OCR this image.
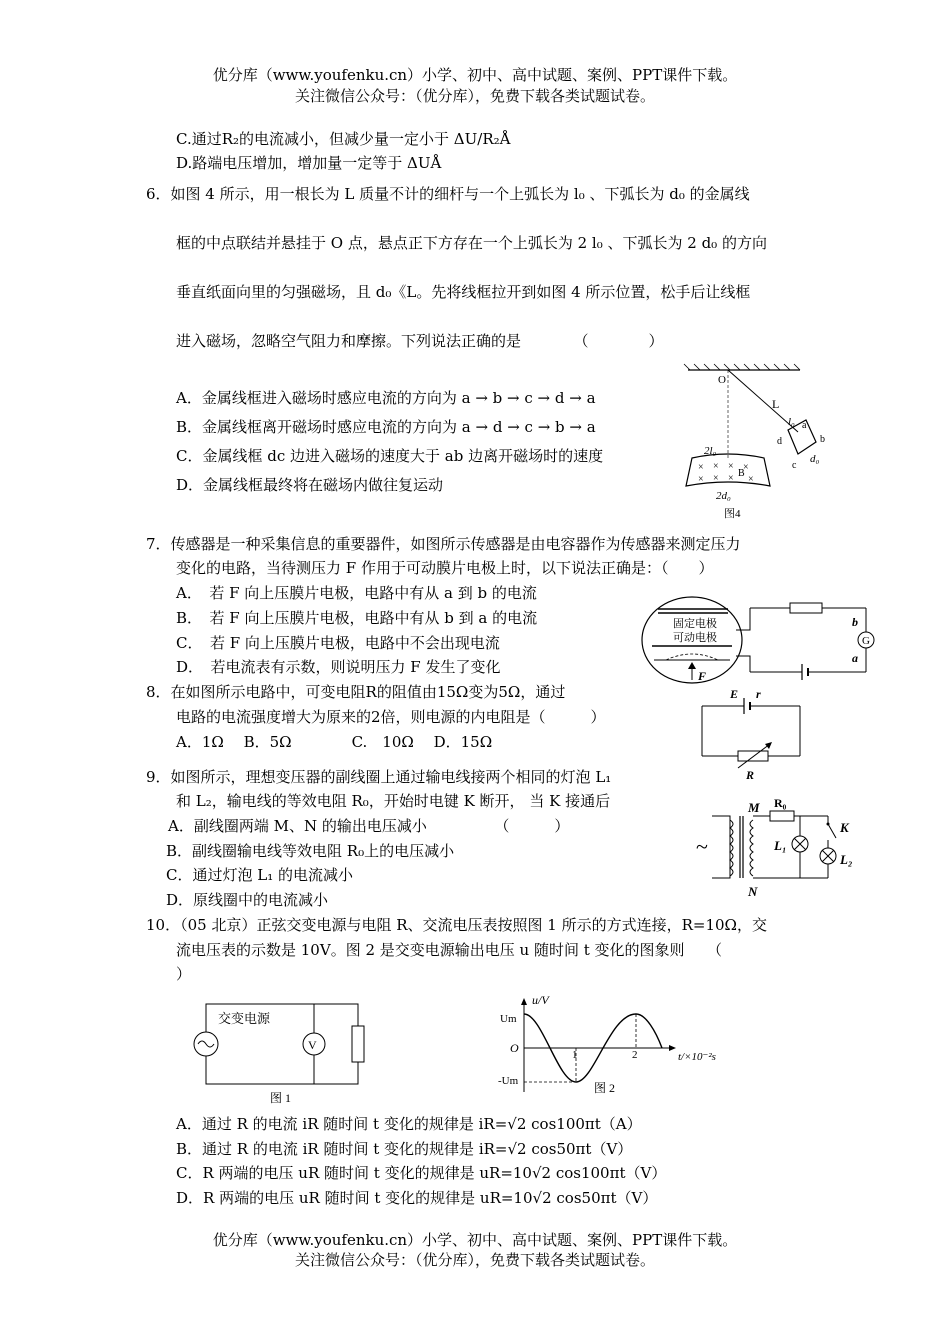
优分库（www.youfenku.cn）小学、初中、高中试题、案例、PPT课件下载。
关注微信公众号：（优分库），免费下载各类试题试卷。
C.通过R₂的电流减小，但减少量一定小于 ΔU/R₂Å
D.路端电压增加，增加量一定等于 ΔUÅ
6．如图 4 所示，用一根长为 L 质量不计的细杆与一个上弧长为 l₀ 、下弧长为 d₀ 的金属线
框的中点联结并悬挂于 O 点，悬点正下方存在一个上弧长为 2 l₀ 、下弧长为 2 d₀ 的方向
垂直纸面向里的匀强磁场，且 d₀《L。先将线框拉开到如图 4 所示位置，松手后让线框
进入磁场，忽略空气阻力和摩擦。下列说法正确的是　　　　（　　　　）
A．金属线框进入磁场时感应电流的方向为 a → b → c → d → a
B．金属线框离开磁场时感应电流的方向为 a → d → c → b → a
C．金属线框 dc 边进入磁场的速度大于 ab 边离开磁场时的速度
D．金属线框最终将在磁场内做往复运动
O
L
l₀ a
b
d
c
d₀
2l₀
× × × ×
× × × B
×
2d₀
图4
7．传感器是一种采集信息的重要器件，如图所示传感器是由电容器作为传感器来测定压力
变化的电路，当待测压力 F 作用于可动膜片电极上时，以下说法正确是：（　　）
A．　若 F 向上压膜片电极，电路中有从 a 到 b 的电流
B．　若 F 向上压膜片电极，电路中有从 b 到 a 的电流
C．　若 F 向上压膜片电极，电路中不会出现电流
D．　若电流表有示数，则说明压力 F 发生了变化
固定电极
可动电极
F
G
b
a
8．在如图所示电路中，可变电阻R的阻值由15Ω变为5Ω，通过
电路的电流强度增大为原来的2倍，则电源的内电阻是（　　　）
A．1Ω　 B．5Ω　　　　C.　10Ω　 D．15Ω
E r
R
9．如图所示，理想变压器的副线圈上通过输电线接两个相同的灯泡 L₁
和 L₂，输电线的等效电阻 R₀，开始时电键 K 断开， 当 K 接通后
A．副线圈两端 M、N 的输出电压减小　　　　　（　　　）
B．副线圈输电线等效电阻 R₀上的电压减小
C．通过灯泡 L₁ 的电流减小
D．原线圈中的电流减小
~
M
N
R₀
L₁
K
L₂
10．（05 北京）正弦交变电源与电阻 R、交流电压表按照图 1 所示的方式连接，R=10Ω，交
流电压表的示数是 10V。图 2 是交变电源输出电压 u 随时间 t 变化的图象则　　（
）
交变电源
V
图 1
u/V
Um
O
-Um
1	2	t/×10⁻²s
图 2
A．通过 R 的电流 iR 随时间 t 变化的规律是 iR=√2 cos100πt（A）
B．通过 R 的电流 iR 随时间 t 变化的规律是 iR=√2 cos50πt（V）
C．R 两端的电压 uR 随时间 t 变化的规律是 uR=10√2 cos100πt（V）
D．R 两端的电压 uR 随时间 t 变化的规律是 uR=10√2 cos50πt（V）
优分库（www.youfenku.cn）小学、初中、高中试题、案例、PPT课件下载。
关注微信公众号：（优分库），免费下载各类试题试卷。
